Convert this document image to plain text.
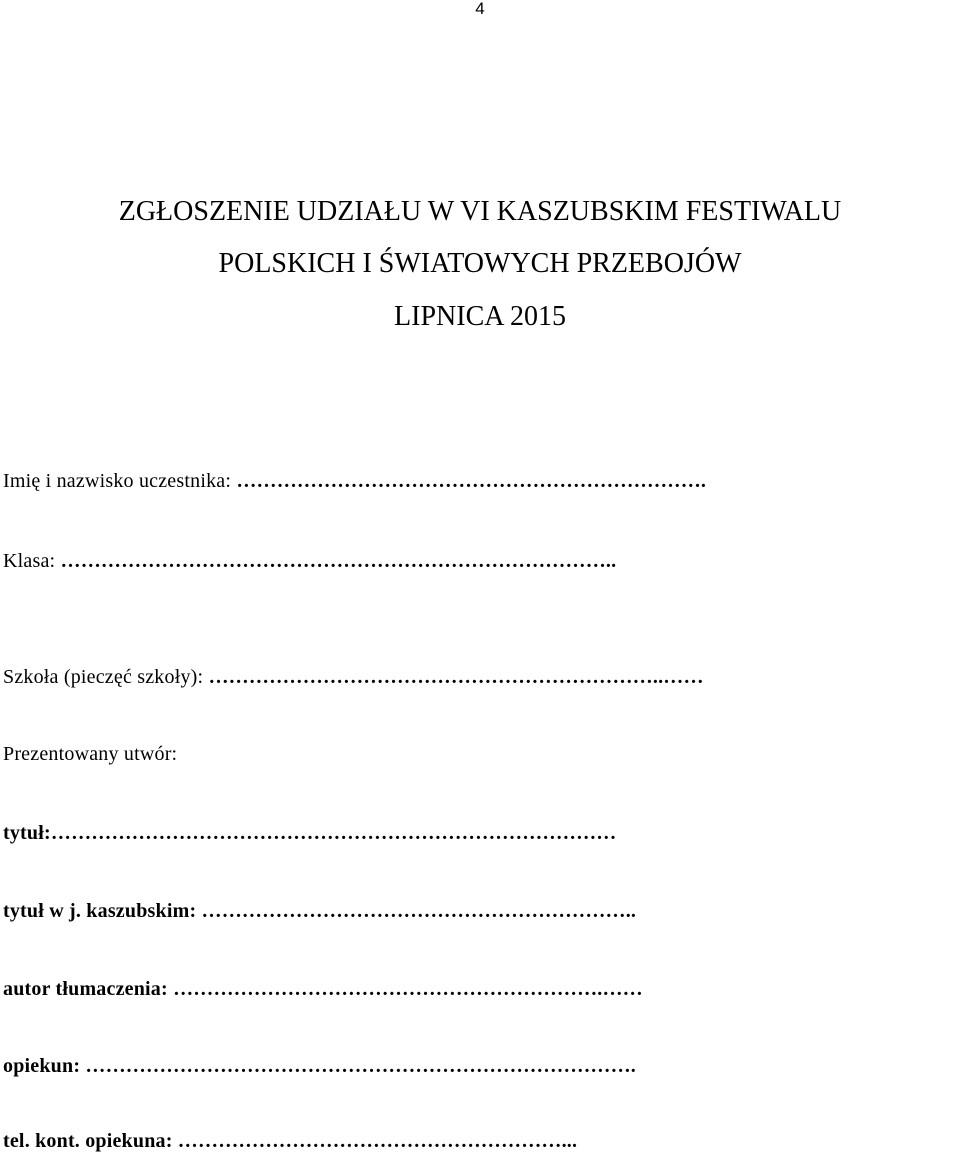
4
ZGŁOSZENIE UDZIAŁU W VI KASZUBSKIM FESTIWALU
POLSKICH I ŚWIATOWYCH PRZEBOJÓW
LIPNICA 2015
Imię i nazwisko uczestnika: …………………………………………………………….
Klasa: ………………………………………………………………………..
Szkoła (pieczęć szkoły): …………………………………………………………..……
Prezentowany utwór:
tytuł:…………………………………………………………………………
tytuł w j. kaszubskim: ………………………………………………………..
autor tłumaczenia: ……………………………………………………….……
opiekun: ……………………………………………………………………….
tel. kont. opiekuna: …………………………………………………...
